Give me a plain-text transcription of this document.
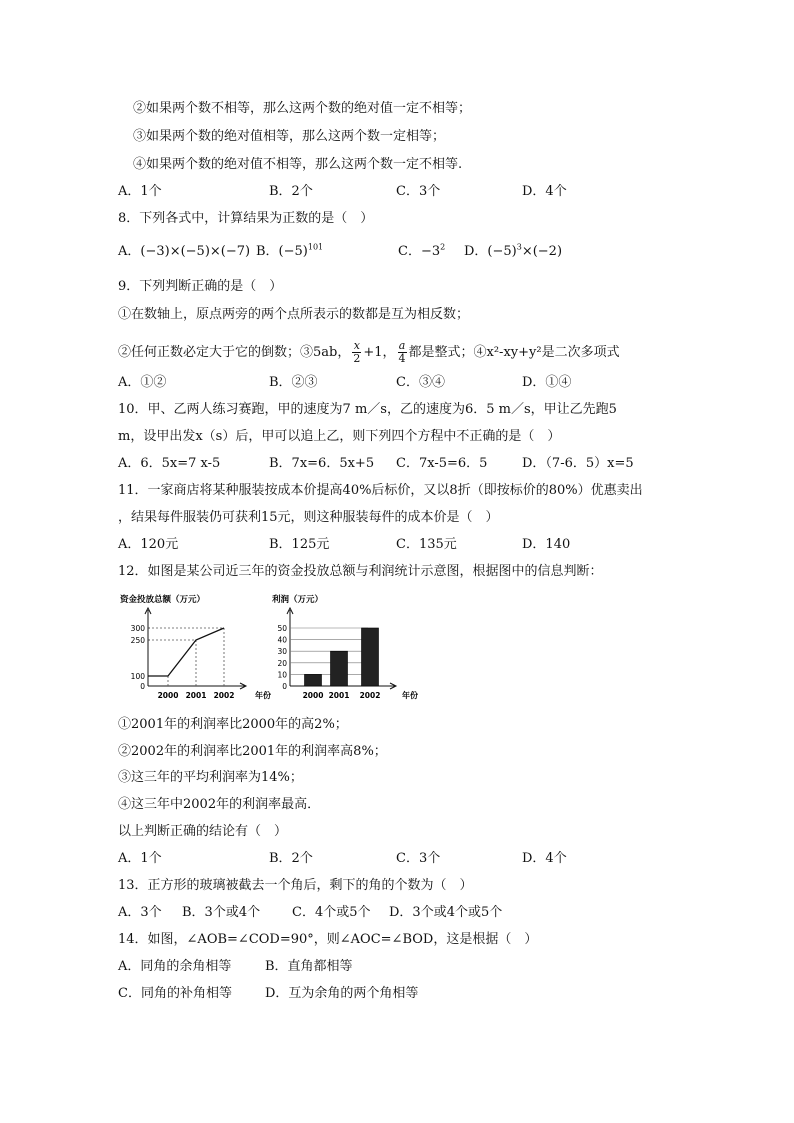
②如果两个数不相等，那么这两个数的绝对值一定不相等；
③如果两个数的绝对值相等，那么这两个数一定相等；
④如果两个数的绝对值不相等，那么这两个数一定不相等.
A．1个	B．2个	C．3个	D．4个
8．下列各式中，计算结果为正数的是（　）
A．(−3)×(−5)×(−7) B．$(-5)^{101}$	C．$-3^2$ D．$(-5)^3\times(-2)$
9．下列判断正确的是（　）
①在数轴上，原点两旁的两个点所表示的数都是互为相反数；
②任何正数必定大于它的倒数；③5ab， $\frac{x}{2} +1$， $\frac{a}{4}$ 都是整式；④x²-xy+y²是二次多项式
A．①②	B．②③	C．③④	D．①④
10．甲、乙两人练习赛跑，甲的速度为7 m／s，乙的速度为6．5 m／s，甲让乙先跑5
m，设甲出发x（s）后，甲可以追上乙，则下列四个方程中不正确的是（　）
A．6．5x=7 x-5	B．7x=6．5x+5 C．7x-5=6．5	D．（7-6．5）x=5
11．一家商店将某种服装按成本价提高40%后标价，又以8折（即按标价的80%）优惠卖出
，结果每件服装仍可获利15元，则这种服装每件的成本价是（　）
A．120元	B．125元	C．135元	D．140
12．如图是某公司近三年的资金投放总额与利润统计示意图，根据图中的信息判断：
资金投放总额（万元）
300
250
100
0
2000 2001 2002	年份
利润（万元）
50
40
30
20
10
0
2000 2001 2002	年份
①2001年的利润率比2000年的高2%；
②2002年的利润率比2001年的利润率高8%；
③这三年的平均利润率为14%；
④这三年中2002年的利润率最高．
以上判断正确的结论有（　）
A．1个	B．2个	C．3个	D．4个
13．正方形的玻璃被截去一个角后，剩下的角的个数为（　）
A．3个 B．3个或4个 C．4个或5个 D．3个或4个或5个
14．如图，∠AOB=∠COD=90°，则∠AOC=∠BOD，这是根据（　）
A．同角的余角相等	B．直角都相等
C．同角的补角相等	D．互为余角的两个角相等
